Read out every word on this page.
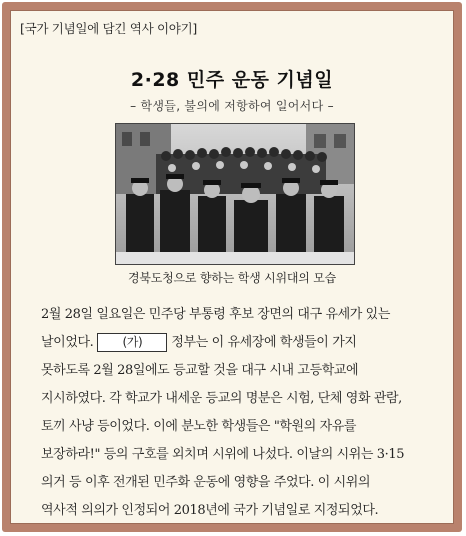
[국가 기념일에 담긴 역사 이야기]
2·28 민주 운동 기념일
– 학생들, 불의에 저항하여 일어서다 –
경북도청으로 향하는 학생 시위대의 모습
2월 28일 일요일은 민주당 부통령 후보 장면의 대구 유세가 있는
날이었다. (가) 정부는 이 유세장에 학생들이 가지
못하도록 2월 28일에도 등교할 것을 대구 시내 고등학교에
지시하였다. 각 학교가 내세운 등교의 명분은 시험, 단체 영화 관람,
토끼 사냥 등이었다. 이에 분노한 학생들은 "학원의 자유를
보장하라!" 등의 구호를 외치며 시위에 나섰다. 이날의 시위는 3·15
의거 등 이후 전개된 민주화 운동에 영향을 주었다. 이 시위의
역사적 의의가 인정되어 2018년에 국가 기념일로 지정되었다.
